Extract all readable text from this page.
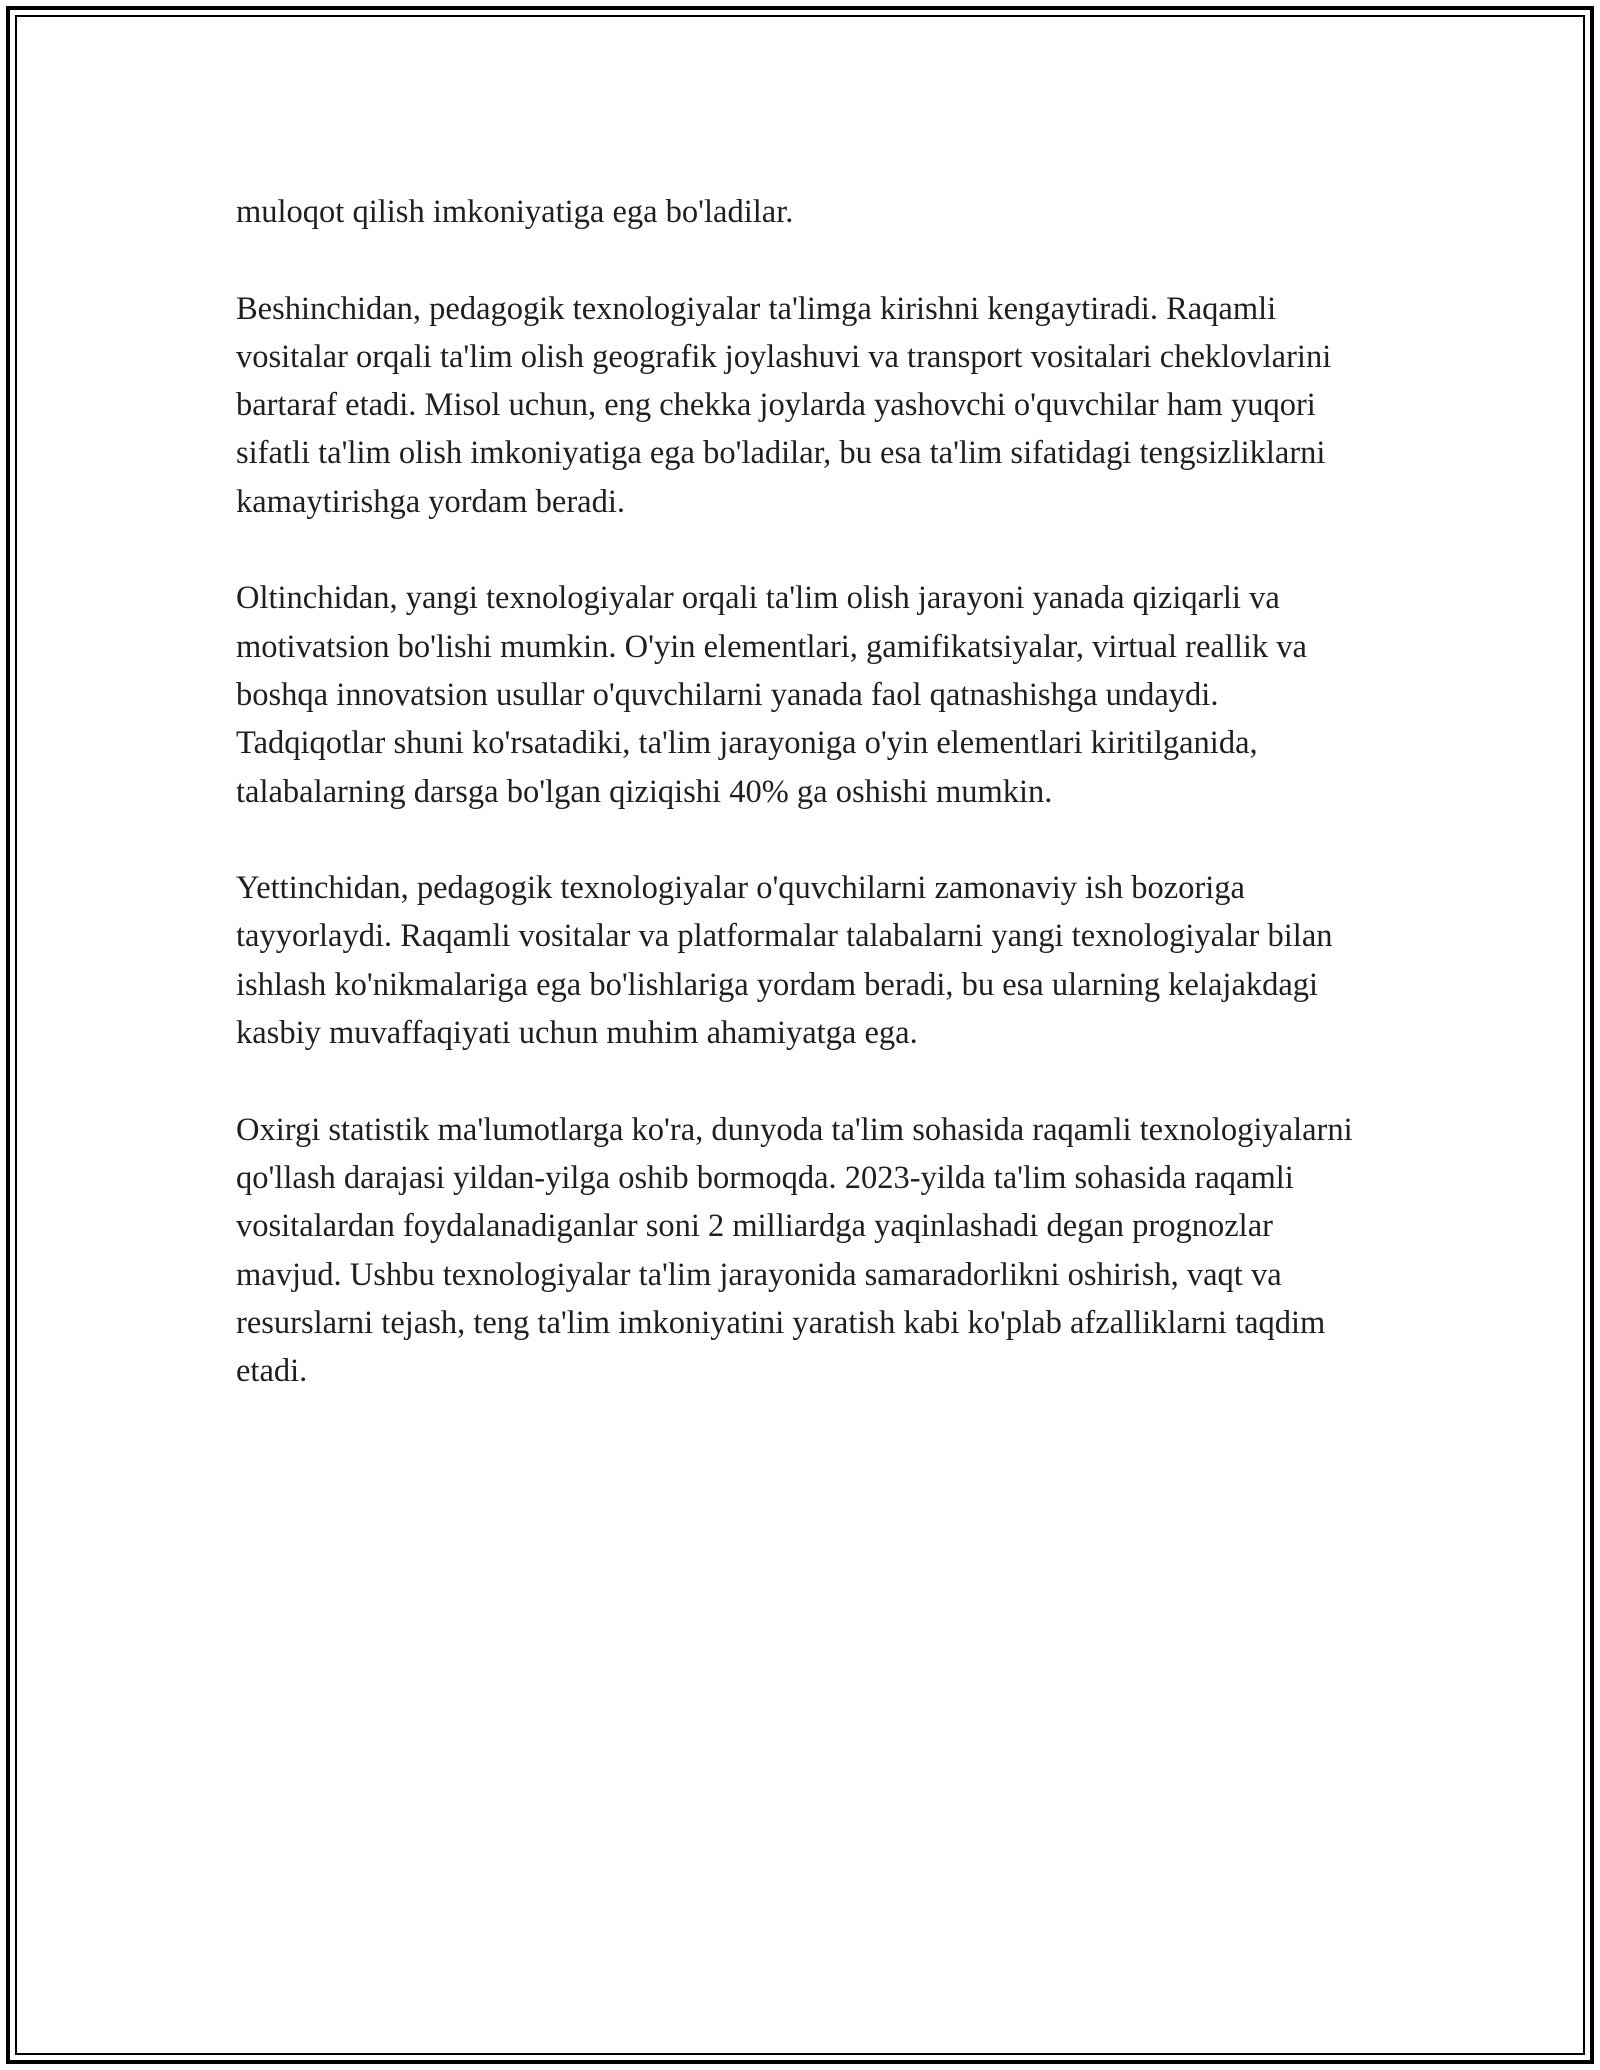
muloqot qilish imkoniyatiga ega bo'ladilar.

Beshinchidan, pedagogik texnologiyalar ta'limga kirishni kengaytiradi. Raqamli vositalar orqali ta'lim olish geografik joylashuvi va transport vositalari cheklovlarini bartaraf etadi. Misol uchun, eng chekka joylarda yashovchi o'quvchilar ham yuqori sifatli ta'lim olish imkoniyatiga ega bo'ladilar, bu esa ta'lim sifatidagi tengsizliklarni kamaytirishga yordam beradi.

Oltinchidan, yangi texnologiyalar orqali ta'lim olish jarayoni yanada qiziqarli va motivatsion bo'lishi mumkin. O'yin elementlari, gamifikatsiyalar, virtual reallik va boshqa innovatsion usullar o'quvchilarni yanada faol qatnashishga undaydi. Tadqiqotlar shuni ko'rsatadiki, ta'lim jarayoniga o'yin elementlari kiritilganida, talabalarning darsga bo'lgan qiziqishi 40% ga oshishi mumkin.

Yettinchidan, pedagogik texnologiyalar o'quvchilarni zamonaviy ish bozoriga tayyorlaydi. Raqamli vositalar va platformalar talabalarni yangi texnologiyalar bilan ishlash ko'nikmalariga ega bo'lishlariga yordam beradi, bu esa ularning kelajakdagi kasbiy muvaffaqiyati uchun muhim ahamiyatga ega.

Oxirgi statistik ma'lumotlarga ko'ra, dunyoda ta'lim sohasida raqamli texnologiyalarni qo'llash darajasi yildan-yilga oshib bormoqda. 2023-yilda ta'lim sohasida raqamli vositalardan foydalanadiganlar soni 2 milliardga yaqinlashadi degan prognozlar mavjud. Ushbu texnologiyalar ta'lim jarayonida samaradorlikni oshirish, vaqt va resurslarni tejash, teng ta'lim imkoniyatini yaratish kabi ko'plab afzalliklarni taqdim etadi.
